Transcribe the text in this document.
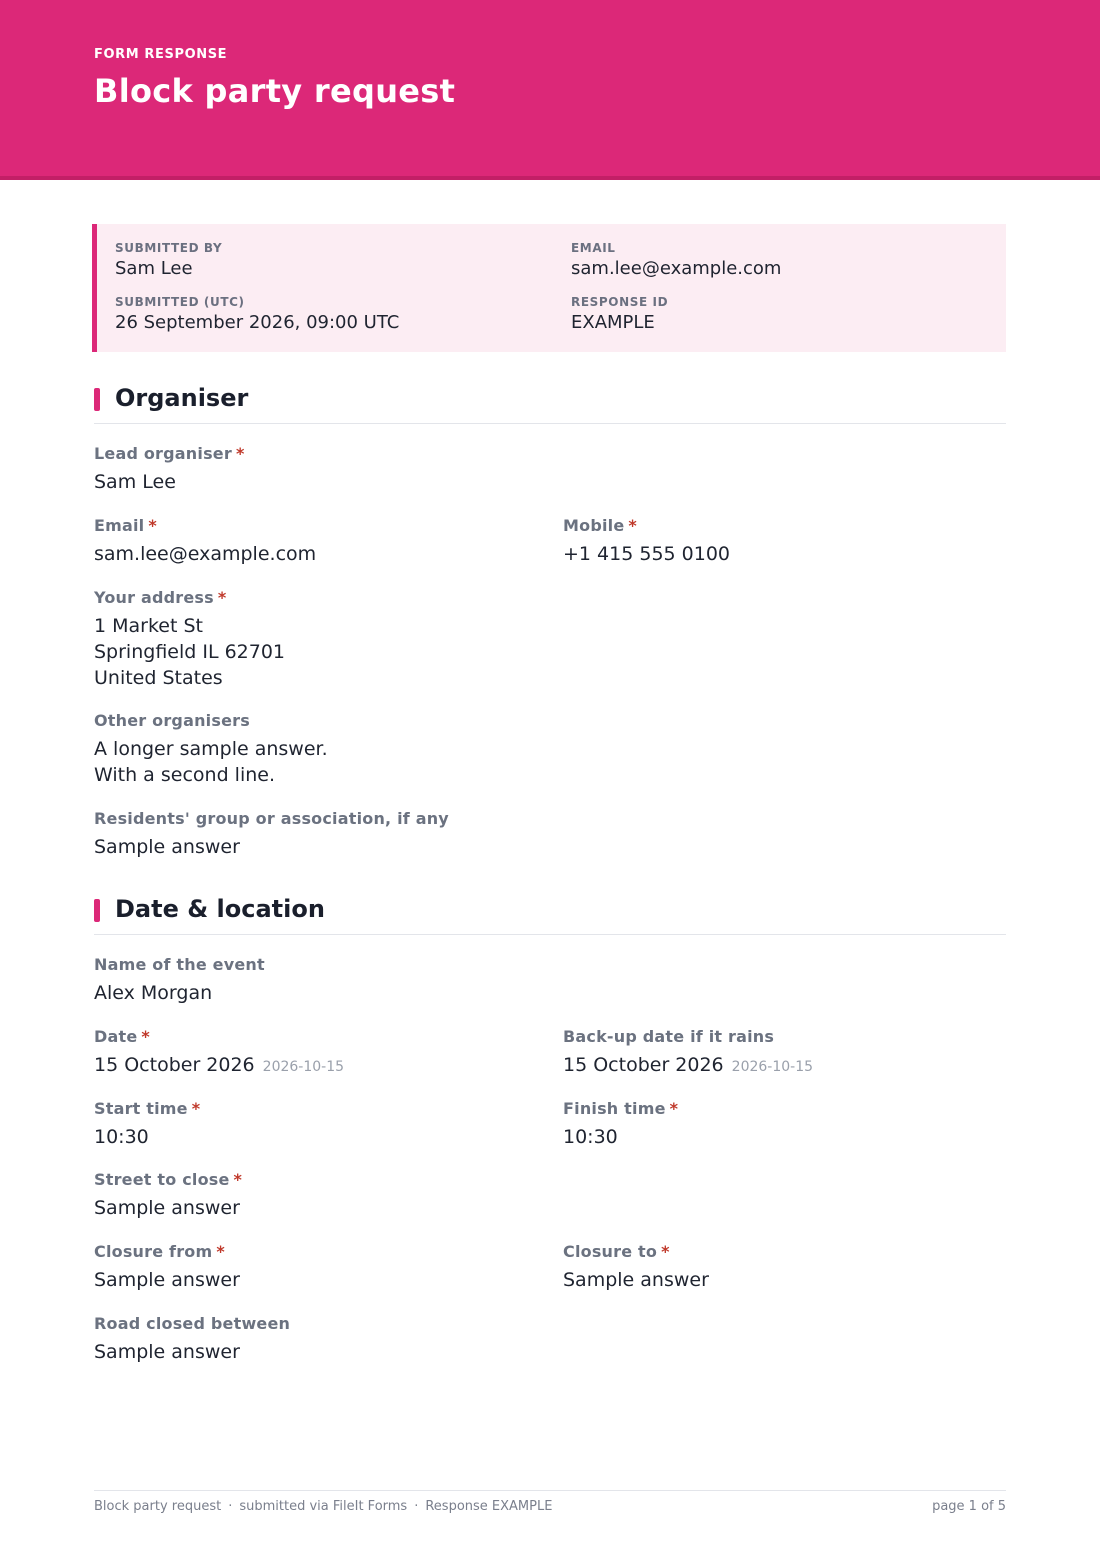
FORM RESPONSE
Block party request
SUBMITTED BY
Sam Lee
EMAIL
sam.lee@example.com
SUBMITTED (UTC)
26 September 2026, 09:00 UTC
RESPONSE ID
EXAMPLE
Organiser
Lead organiser *
Sam Lee
Email *
sam.lee@example.com
Mobile *
+1 415 555 0100
Your address *
1 Market St
Springfield IL 62701
United States
Other organisers
A longer sample answer.
With a second line.
Residents' group or association, if any
Sample answer
Date & location
Name of the event
Alex Morgan
Date *
15 October 2026 2026-10-15
Back-up date if it rains
15 October 2026 2026-10-15
Start time *
10:30
Finish time *
10:30
Street to close *
Sample answer
Closure from *
Sample answer
Closure to *
Sample answer
Road closed between
Sample answer
Block party request · submitted via FileIt Forms · Response EXAMPLE	page 1 of 5
